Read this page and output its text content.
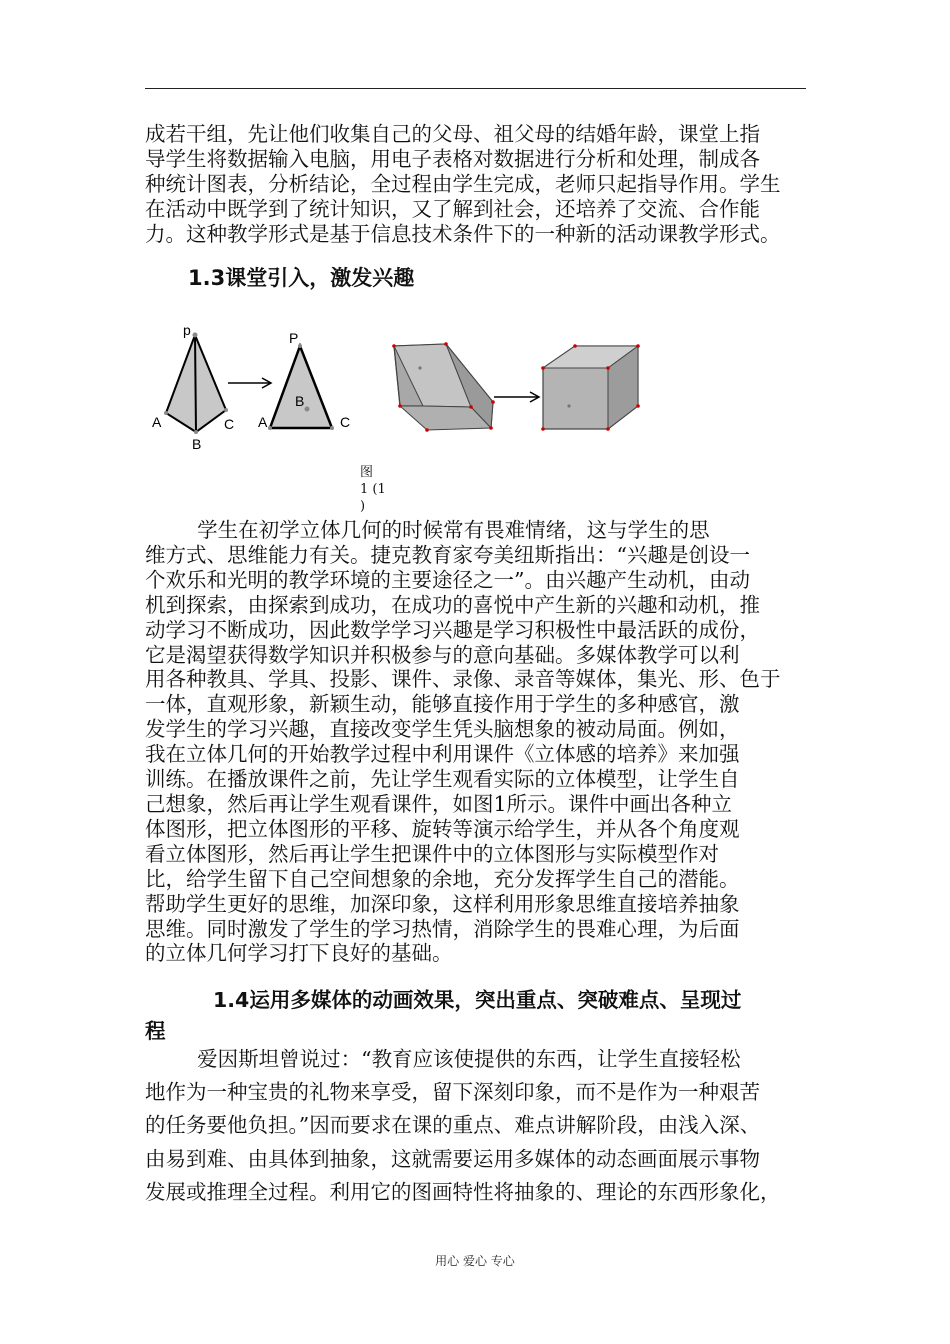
成若干组，先让他们收集自己的父母、祖父母的结婚年龄，课堂上指
导学生将数据输入电脑，用电子表格对数据进行分析和处理，制成各
种统计图表，分析结论，全过程由学生完成，老师只起指导作用。学生
在活动中既学到了统计知识，又了解到社会，还培养了交流、合作能
力。这种教学形式是基于信息技术条件下的一种新的活动课教学形式。
1.3课堂引入，激发兴趣
p
A
B
C
P
B
A	C
图
1 (1
)
学生在初学立体几何的时候常有畏难情绪，这与学生的思
维方式、思维能力有关。捷克教育家夸美纽斯指出：“兴趣是创设一
个欢乐和光明的教学环境的主要途径之一”。由兴趣产生动机，由动
机到探索，由探索到成功，在成功的喜悦中产生新的兴趣和动机，推
动学习不断成功，因此数学学习兴趣是学习积极性中最活跃的成份，
它是渴望获得数学知识并积极参与的意向基础。多媒体教学可以利
用各种教具、学具、投影、课件、录像、录音等媒体，集光、形、色于
一体，直观形象，新颖生动，能够直接作用于学生的多种感官，激
发学生的学习兴趣，直接改变学生凭头脑想象的被动局面。例如，
我在立体几何的开始教学过程中利用课件《立体感的培养》来加强
训练。在播放课件之前，先让学生观看实际的立体模型，让学生自
己想象，然后再让学生观看课件，如图1所示。课件中画出各种立
体图形，把立体图形的平移、旋转等演示给学生，并从各个角度观
看立体图形，然后再让学生把课件中的立体图形与实际模型作对
比，给学生留下自己空间想象的余地，充分发挥学生自己的潜能。
帮助学生更好的思维，加深印象，这样利用形象思维直接培养抽象
思维。同时激发了学生的学习热情，消除学生的畏难心理，为后面
的立体几何学习打下良好的基础。
1.4运用多媒体的动画效果，突出重点、突破难点、呈现过
程
爱因斯坦曾说过：“教育应该使提供的东西，让学生直接轻松
地作为一种宝贵的礼物来享受，留下深刻印象，而不是作为一种艰苦
的任务要他负担。”因而要求在课的重点、难点讲解阶段，由浅入深、
由易到难、由具体到抽象，这就需要运用多媒体的动态画面展示事物
发展或推理全过程。利用它的图画特性将抽象的、理论的东西形象化，
用心 爱心 专心
